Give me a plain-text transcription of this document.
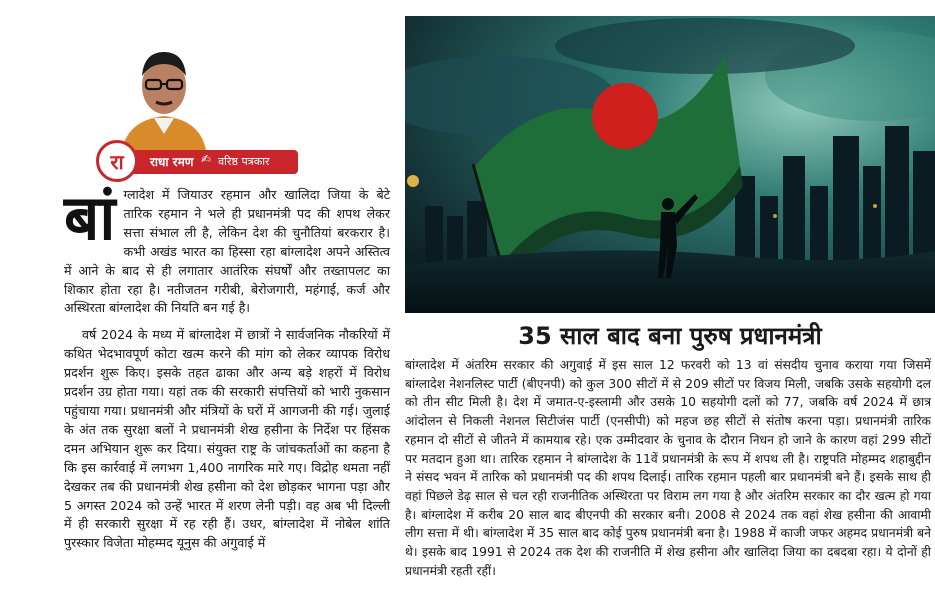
रा राधा रमण ✍ वरिष्ठ पत्रकार

बांग्लादेश में जियाउर रहमान और खालिदा जिया के बेटे तारिक रहमान ने भले ही प्रधानमंत्री पद की शपथ लेकर सत्ता संभाल ली है, लेकिन देश की चुनौतियां बरकरार है। कभी अखंड भारत का हिस्सा रहा बांग्लादेश अपने अस्तित्व में आने के बाद से ही लगातार आतंरिक संघर्षों और तख्तापलट का शिकार होता रहा है। नतीजतन गरीबी, बेरोजगारी, महंगाई, कर्ज और अस्थिरता बांग्लादेश की नियति बन गई है।

वर्ष 2024 के मध्य में बांग्लादेश में छात्रों ने सार्वजनिक नौकरियों में कथित भेदभावपूर्ण कोटा खत्म करने की मांग को लेकर व्यापक विरोध प्रदर्शन शुरू किए। इसके तहत ढाका और अन्य बड़े शहरों में विरोध प्रदर्शन उग्र होता गया। यहां तक की सरकारी संपत्तियों को भारी नुकसान पहुंचाया गया। प्रधानमंत्री और मंत्रियों के घरों में आगजनी की गई। जुलाई के अंत तक सुरक्षा बलों ने प्रधानमंत्री शेख हसीना के निर्देश पर हिंसक दमन अभियान शुरू कर दिया। संयुक्त राष्ट्र के जांचकर्ताओं का कहना है कि इस कार्रवाई में लगभग 1,400 नागरिक मारे गए। विद्रोह थमता नहीं देखकर तब की प्रधानमंत्री शेख हसीना को देश छोड़कर भागना पड़ा और 5 अगस्त 2024 को उन्हें भारत में शरण लेनी पड़ी। वह अब भी दिल्ली में ही सरकारी सुरक्षा में रह रही हैं। उधर, बांग्लादेश में नोबेल शांति पुरस्कार विजेता मोहम्मद यूनुस की अगुवाई में

35 साल बाद बना पुरुष प्रधानमंत्री
बांग्लादेश में अंतरिम सरकार की अगुवाई में इस साल 12 फरवरी को 13 वां संसदीय चुनाव कराया गया जिसमें बांग्लादेश नेशनलिस्ट पार्टी (बीएनपी) को कुल 300 सीटों में से 209 सीटों पर विजय मिली, जबकि उसके सहयोगी दल को तीन सीट मिली है। देश में जमात-ए-इस्लामी और उसके 10 सहयोगी दलों को 77, जबकि वर्ष 2024 में छात्र आंदोलन से निकली नेशनल सिटीजंस पार्टी (एनसीपी) को महज छह सीटों से संतोष करना पड़ा। प्रधानमंत्री तारिक रहमान दो सीटों से जीतने में कामयाब रहे। एक उम्मीदवार के चुनाव के दौरान निधन हो जाने के कारण वहां 299 सीटों पर मतदान हुआ था। तारिक रहमान ने बांग्लादेश के 11वें प्रधानमंत्री के रूप में शपथ ली है। राष्ट्रपति मोहम्मद शहाबुद्दीन ने संसद भवन में तारिक को प्रधानमंत्री पद की शपथ दिलाई। तारिक रहमान पहली बार प्रधानमंत्री बने हैं। इसके साथ ही वहां पिछले डेढ़ साल से चल रही राजनीतिक अस्थिरता पर विराम लग गया है और अंतरिम सरकार का दौर खत्म हो गया है। बांग्लादेश में करीब 20 साल बाद बीएनपी की सरकार बनी। 2008 से 2024 तक वहां शेख हसीना की आवामी लीग सत्ता में थी। बांग्लादेश में 35 साल बाद कोई पुरुष प्रधानमंत्री बना है। 1988 में काजी जफर अहमद प्रधानमंत्री बने थे। इसके बाद 1991 से 2024 तक देश की राजनीति में शेख हसीना और खालिदा जिया का दबदबा रहा। ये दोनों ही प्रधानमंत्री रहती रहीं।
